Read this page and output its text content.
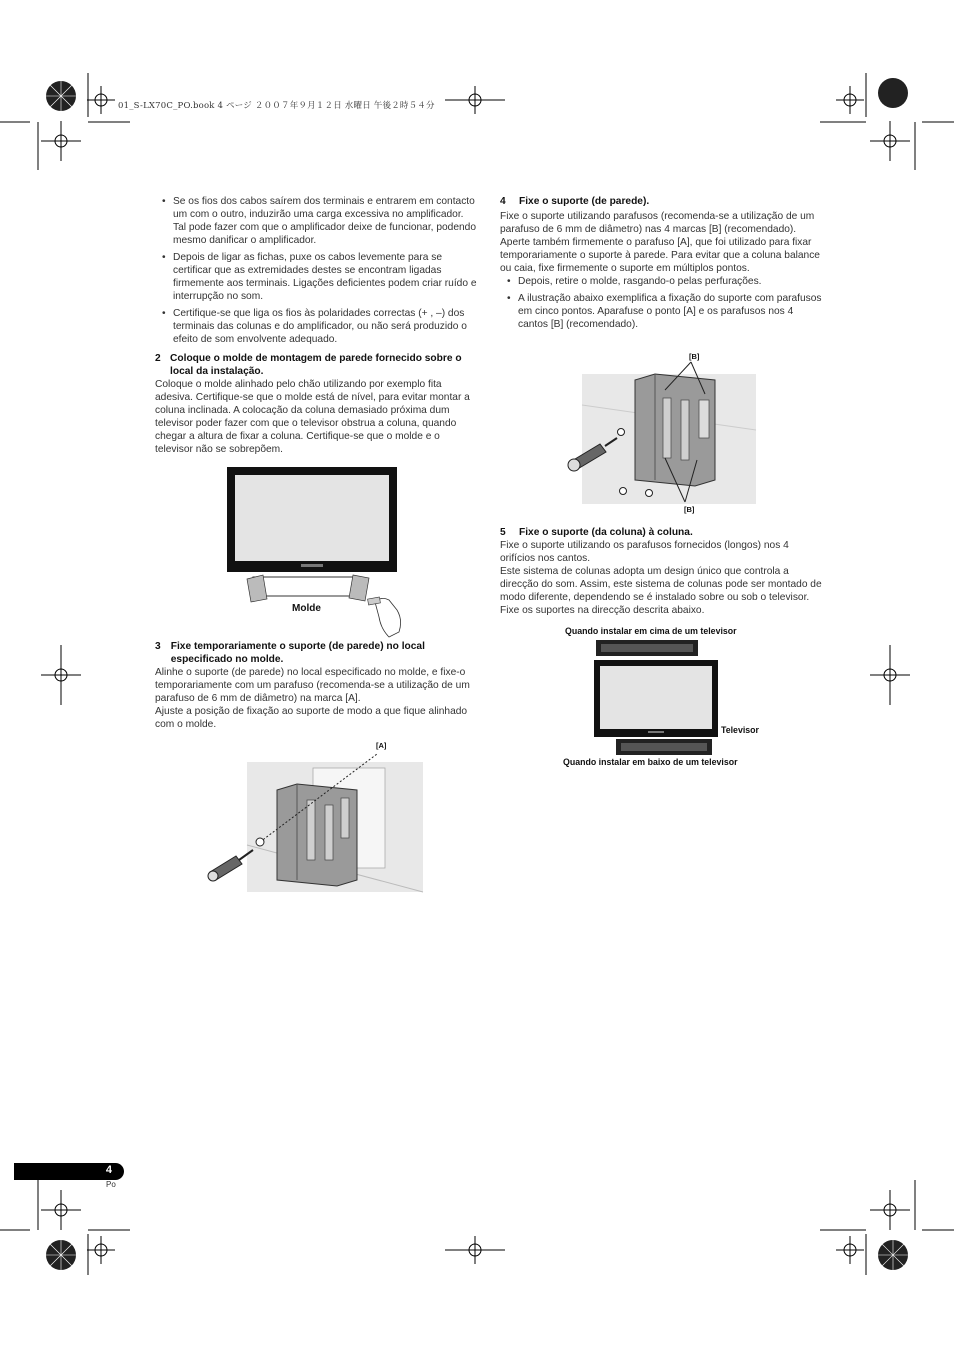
01_S-LX70C_PO.book 4 ページ ２００７年９月１２日 水曜日 午後２時５４分
• Se os fios dos cabos saírem dos terminais e entrarem em contacto um com o outro, induzirão uma carga excessiva no amplificador. Tal pode fazer com que o amplificador deixe de funcionar, podendo mesmo danificar o amplificador.
• Depois de ligar as fichas, puxe os cabos levemente para se certificar que as extremidades destes se encontram ligadas firmemente aos terminais. Ligações deficientes podem criar ruído e interrupção no som.
• Certifique-se que liga os fios às polaridades correctas (+ , –) dos terminais das colunas e do amplificador, ou não será produzido o efeito de som envolvente adequado.
2 Coloque o molde de montagem de parede fornecido sobre o local da instalação.
Coloque o molde alinhado pelo chão utilizando por exemplo fita adesiva. Certifique-se que o molde está de nível, para evitar montar a coluna inclinada. A colocação da coluna demasiado próxima dum televisor poder fazer com que o televisor obstrua a coluna, quando chegar a altura de fixar a coluna. Certifique-se que o molde e o televisor não se sobrepõem.
Molde
3 Fixe temporariamente o suporte (de parede) no local especificado no molde.
Alinhe o suporte (de parede) no local especificado no molde, e fixe-o temporariamente com um parafuso (recomenda-se a utilização de um parafuso de 6 mm de diâmetro) na marca [A].
Ajuste a posição de fixação ao suporte de modo a que fique alinhado com o molde.
[A]
4	Fixe o suporte (de parede).
Fixe o suporte utilizando parafusos (recomenda-se a utilização de um parafuso de 6 mm de diâmetro) nas 4 marcas [B] (recomendado). Aperte também firmemente o parafuso [A], que foi utilizado para fixar temporariamente o suporte à parede. Para evitar que a coluna balance ou caia, fixe firmemente o suporte em múltiplos pontos.
• Depois, retire o molde, rasgando-o pelas perfurações.
• A ilustração abaixo exemplifica a fixação do suporte com parafusos em cinco pontos. Aparafuse o ponto [A] e os parafusos nos 4 cantos [B] (recomendado).
[B]
[B]
5	Fixe o suporte (da coluna) à coluna.
Fixe o suporte utilizando os parafusos fornecidos (longos) nos 4 orifícios nos cantos.
Este sistema de colunas adopta um design único que controla a direcção do som. Assim, este sistema de colunas pode ser montado de modo diferente, dependendo se é instalado sobre ou sob o televisor. Fixe os suportes na direcção descrita abaixo.
Quando instalar em cima de um televisor
Televisor
Quando instalar em baixo de um televisor
4
Po
